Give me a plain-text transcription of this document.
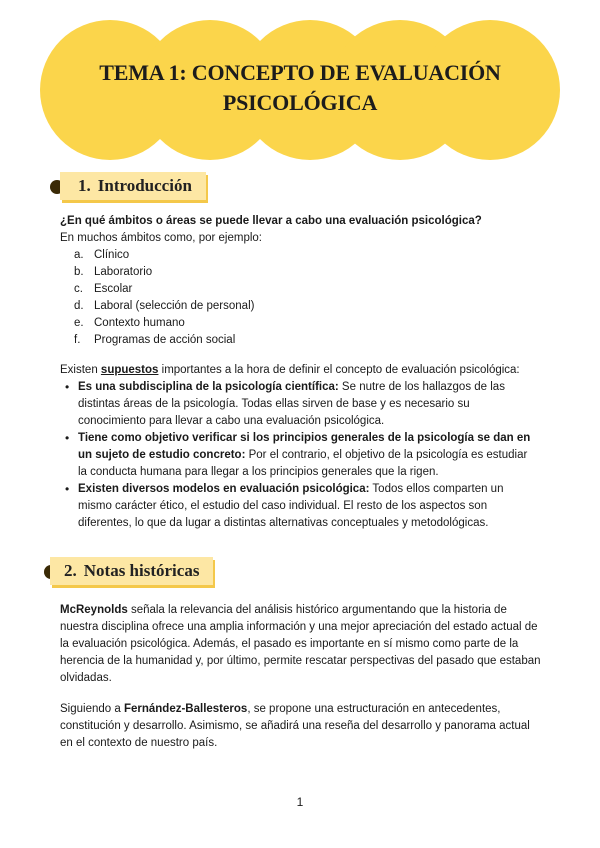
TEMA 1: CONCEPTO DE EVALUACIÓN
PSICOLÓGICA
1. Introducción
¿En qué ámbitos o áreas se puede llevar a cabo una evaluación psicológica?
En muchos ámbitos como, por ejemplo:
a. Clínico
b. Laboratorio
c. Escolar
d. Laboral (selección de personal)
e. Contexto humano
f. Programas de acción social
Existen supuestos importantes a la hora de definir el concepto de evaluación psicológica:
• Es una subdisciplina de la psicología científica: Se nutre de los hallazgos de las distintas áreas de la psicología. Todas ellas sirven de base y es necesario su conocimiento para llevar a cabo una evaluación psicológica.
• Tiene como objetivo verificar si los principios generales de la psicología se dan en un sujeto de estudio concreto: Por el contrario, el objetivo de la psicología es estudiar la conducta humana para llegar a los principios generales que la rigen.
• Existen diversos modelos en evaluación psicológica: Todos ellos comparten un mismo carácter ético, el estudio del caso individual. El resto de los aspectos son diferentes, lo que da lugar a distintas alternativas conceptuales y metodológicas.
2. Notas históricas
McReynolds señala la relevancia del análisis histórico argumentando que la historia de nuestra disciplina ofrece una amplia información y una mejor apreciación del estado actual de la evaluación psicológica. Además, el pasado es importante en sí mismo como parte de la herencia de la humanidad y, por último, permite rescatar perspectivas del pasado que estaban olvidadas.
Siguiendo a Fernández-Ballesteros, se propone una estructuración en antecedentes, constitución y desarrollo. Asimismo, se añadirá una reseña del desarrollo y panorama actual en el contexto de nuestro país.
1
